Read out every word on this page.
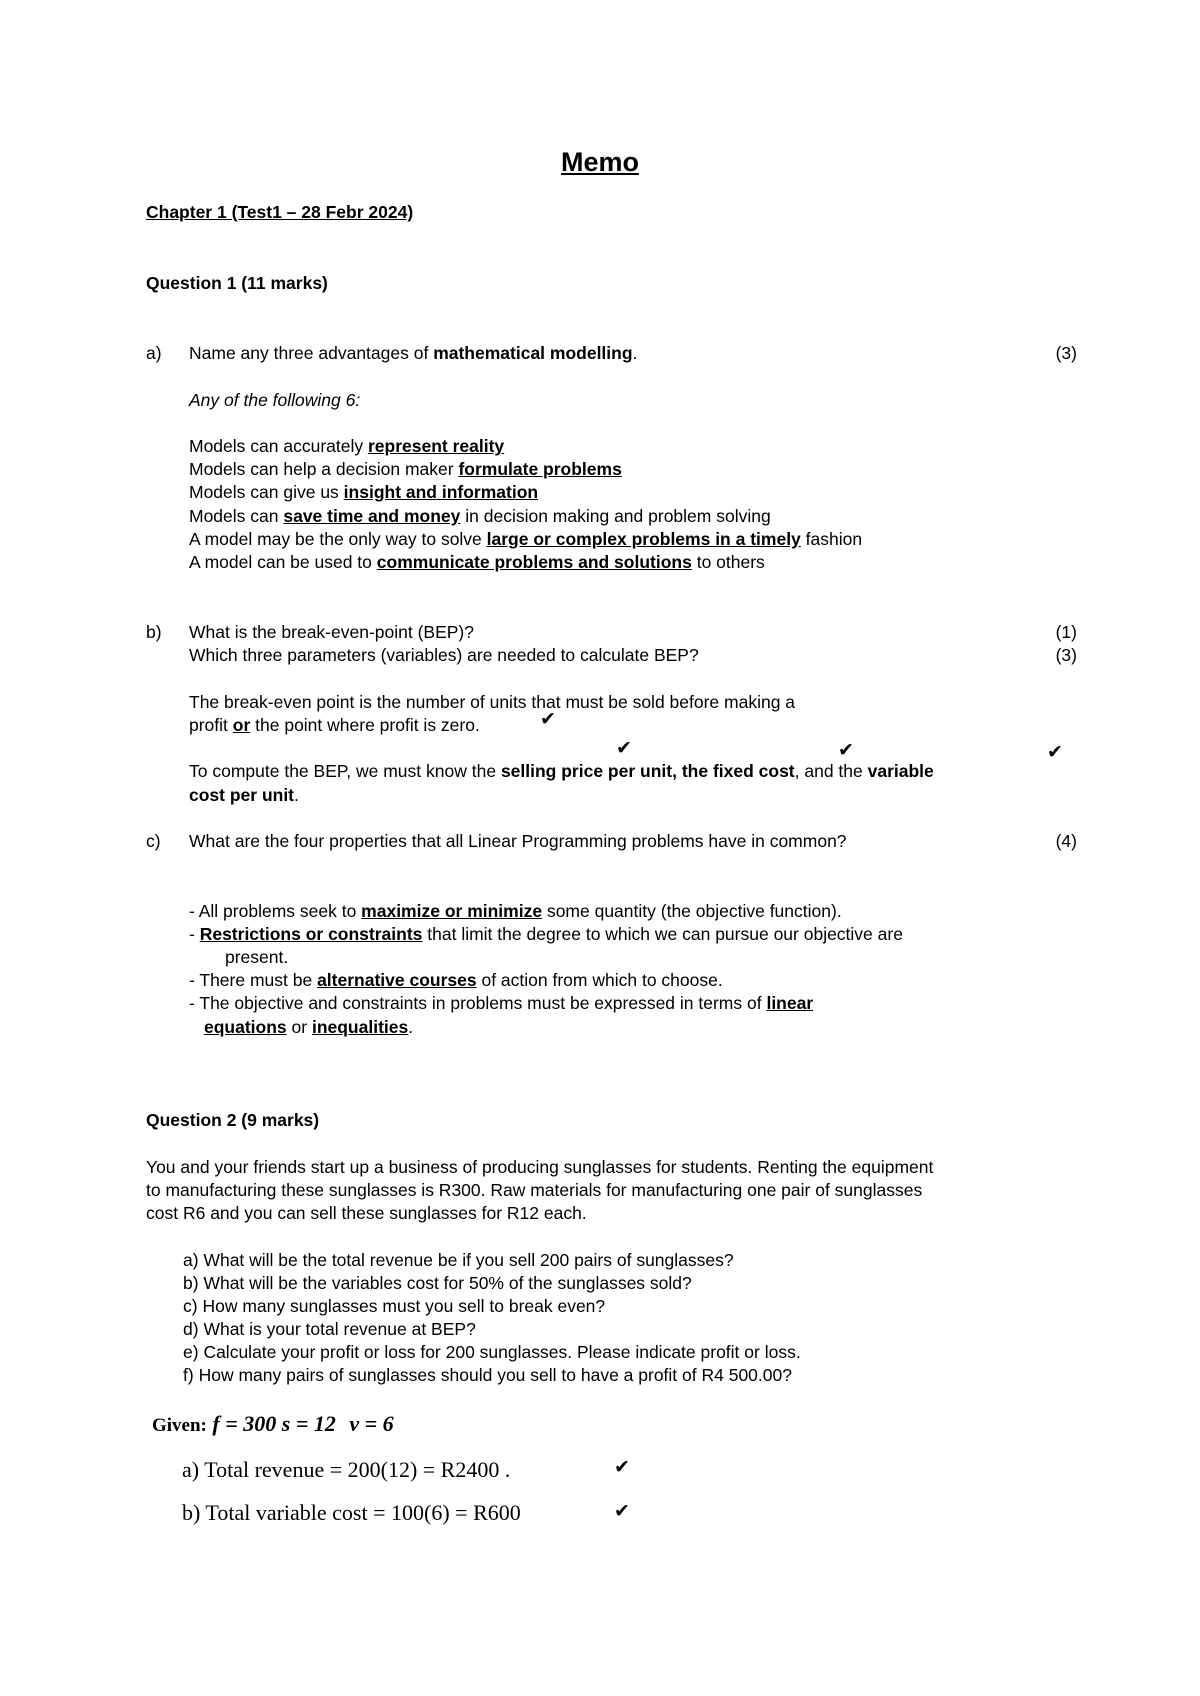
Memo
Chapter 1 (Test1 – 28 Febr 2024)
Question 1 (11 marks)
a) Name any three advantages of mathematical modelling.	(3)
Any of the following 6:
Models can accurately represent reality
Models can help a decision maker formulate problems
Models can give us insight and information
Models can save time and money in decision making and problem solving
A model may be the only way to solve large or complex problems in a timely fashion
A model can be used to communicate problems and solutions to others
b) What is the break-even-point (BEP)?	(1)
Which three parameters (variables) are needed to calculate BEP?	(3)
The break-even point is the number of units that must be sold before making a
profit or the point where profit is zero.	✔
✔	✔	✔
To compute the BEP, we must know the selling price per unit, the fixed cost, and the variable
cost per unit.
c) What are the four properties that all Linear Programming problems have in common?	(4)
- All problems seek to maximize or minimize some quantity (the objective function).
- Restrictions or constraints that limit the degree to which we can pursue our objective are
present.
- There must be alternative courses of action from which to choose.
- The objective and constraints in problems must be expressed in terms of linear
equations or inequalities.
Question 2 (9 marks)
You and your friends start up a business of producing sunglasses for students. Renting the equipment
to manufacturing these sunglasses is R300. Raw materials for manufacturing one pair of sunglasses
cost R6 and you can sell these sunglasses for R12 each.
a) What will be the total revenue be if you sell 200 pairs of sunglasses?
b) What will be the variables cost for 50% of the sunglasses sold?
c) How many sunglasses must you sell to break even?
d) What is your total revenue at BEP?
e) Calculate your profit or loss for 200 sunglasses. Please indicate profit or loss.
f) How many pairs of sunglasses should you sell to have a profit of R4 500.00?
Given: f = 300 s = 12 v = 6
a) Total revenue = 200(12) = R2400 .	✔
b) Total variable cost = 100(6) = R600	✔
